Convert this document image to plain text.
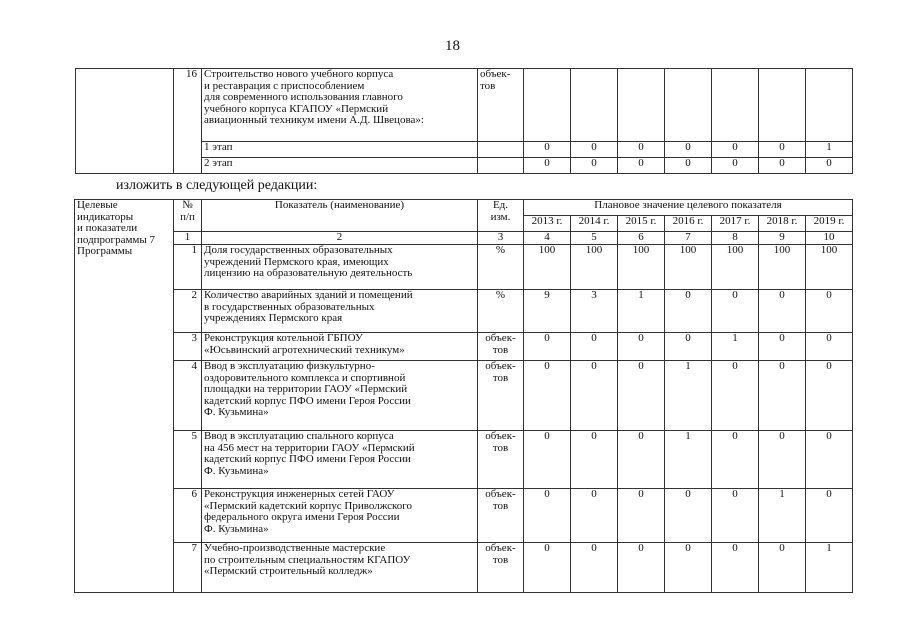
18
	16	Строительство нового учебного корпуса
и реставрация с приспособлением
для современного использования главного
учебного корпуса КГАПОУ «Пермский
авиационный техникум имени А.Д. Швецова»:	объек-
тов							

		1 этап		0	0	0	0	0	0	1
		2 этап		0	0	0	0	0	0	0
изложить в следующей редакции:
Целевые
индикаторы
и показатели
подпрограммы 7
Программы	№
п/п	Показатель (наименование)	Ед.
изм.	Плановое значение целевого показателя						
				2013 г.	2014 г.	2015 г.	2016 г.	2017 г.	2018 г.	2019 г.
	1	2	3	4	5	6	7	8	9	10
	1	Доля государственных образовательных
учреждений Пермского края, имеющих
лицензию на образовательную деятельность	%	100	100	100	100	100	100	100
	2	Количество аварийных зданий и помещений
в государственных образовательных
учреждениях Пермского края	%	9	3	1	0	0	0	0
	3	Реконструкция котельной ГБПОУ
«Юсьвинский агротехнический техникум»	объек-
тов	0	0	0	0	1	0	0
	4	Ввод в эксплуатацию физкультурно-
оздоровительного комплекса и спортивной
площадки на территории ГАОУ «Пермский
кадетский корпус ПФО имени Героя России
Ф. Кузьмина»	объек-
тов	0	0	0	1	0	0	0
	5	Ввод в эксплуатацию спального корпуса
на 456 мест на территории ГАОУ «Пермский
кадетский корпус ПФО имени Героя России
Ф. Кузьмина»	объек-
тов	0	0	0	1	0	0	0
	6	Реконструкция инженерных сетей ГАОУ
«Пермский кадетский корпус Приволжского
федерального округа имени Героя России
Ф. Кузьмина»	объек-
тов	0	0	0	0	0	1	0
	7	Учебно-производственные мастерские
по строительным специальностям КГАПОУ
«Пермский строительный колледж»	объек-
тов	0	0	0	0	0	0	1
